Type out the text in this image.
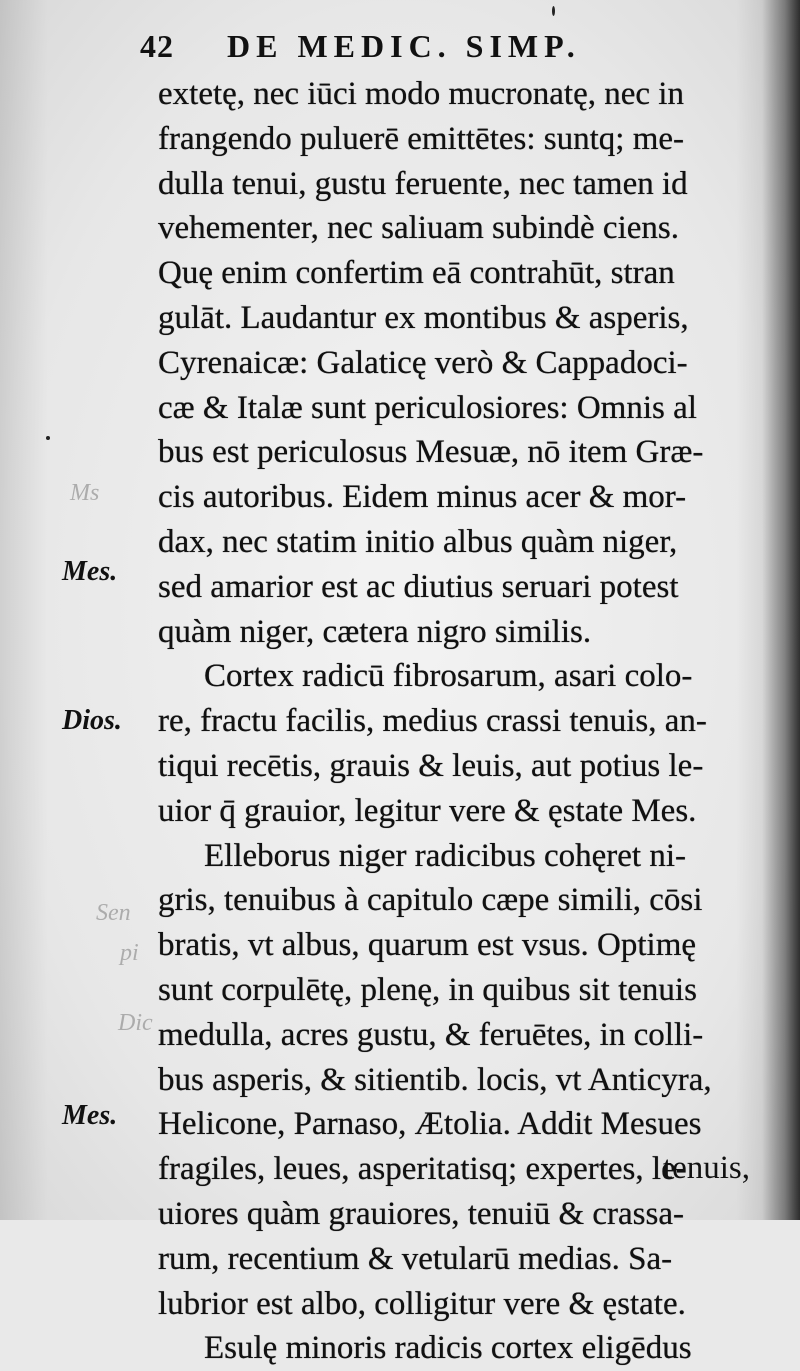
42 DE MEDIC. SIMP.
Ms
Sen
pi
Dic
Mes.
Dios.
Mes.
extetę, nec iūci modo mucronatę, nec in
frangendo puluerē emittētes: suntq; me-
dulla tenui, gustu feruente, nec tamen id
vehementer, nec saliuam subindè ciens.
Quę enim confertim eā contrahūt, stran
gulāt. Laudantur ex montibus & asperis,
Cyrenaicæ: Galaticę verò & Cappadoci-
cæ & Italæ sunt periculosiores: Omnis al
bus est periculosus Mesuæ, nō item Græ-
cis autoribus. Eidem minus acer & mor-
dax, nec statim initio albus quàm niger,
sed amarior est ac diutius seruari potest
quàm niger, cætera nigro similis.
Cortex radicū fibrosarum, asari colo-
re, fractu facilis, medius crassi tenuis, an-
tiqui recētis, grauis & leuis, aut potius le-
uior q̄ grauior, legitur vere & ęstate Mes.
Elleborus niger radicibus cohęret ni-
gris, tenuibus à capitulo cæpe simili, cōsi
bratis, vt albus, quarum est vsus. Optimę
sunt corpulētę, plenę, in quibus sit tenuis
medulla, acres gustu, & feruētes, in colli-
bus asperis, & sitientib. locis, vt Anticyra,
Helicone, Parnaso, Ætolia. Addit Mesues
fragiles, leues, asperitatisq; expertes, le-
uiores quàm grauiores, tenuiū & crassa-
rum, recentium & vetularū medias. Sa-
lubrior est albo, colligitur vere & ęstate.
Esulę minoris radicis cortex eligēdus
tenuis,
